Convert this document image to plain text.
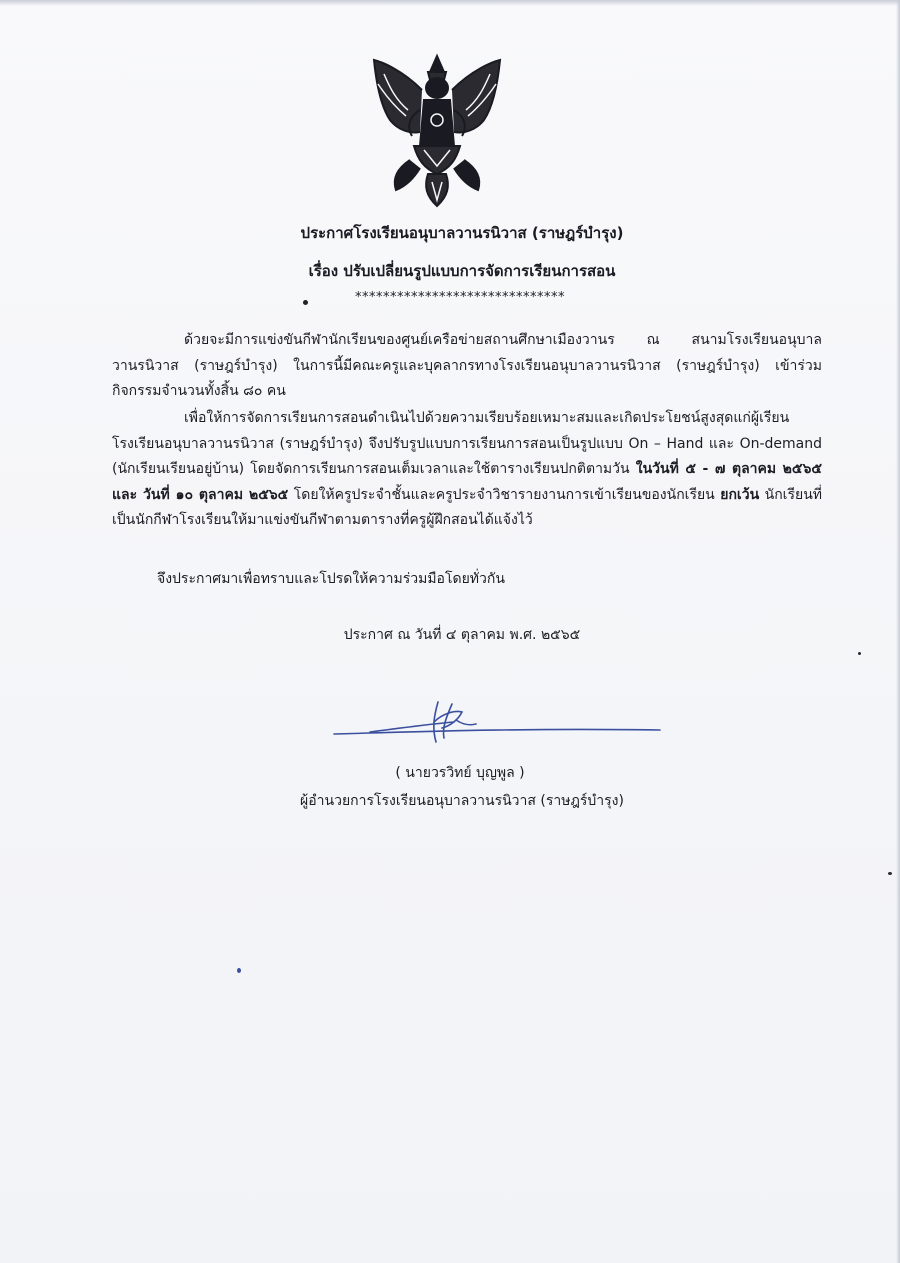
ประกาศโรงเรียนอนุบาลวานรนิวาส (ราษฎร์บำรุง)
เรื่อง ปรับเปลี่ยนรูปแบบการจัดการเรียนการสอน
******************************
ด้วยจะมีการแข่งขันกีฬานักเรียนของศูนย์เครือข่ายสถานศึกษาเมืองวานร ณ สนามโรงเรียนอนุบาลวานรนิวาส (ราษฎร์บำรุง) ในการนี้มีคณะครูและบุคลากรทางโรงเรียนอนุบาลวานรนิวาส (ราษฎร์บำรุง) เข้าร่วมกิจกรรมจำนวนทั้งสิ้น ๘๐ คน
เพื่อให้การจัดการเรียนการสอนดำเนินไปด้วยความเรียบร้อยเหมาะสมและเกิดประโยชน์สูงสุดแก่ผู้เรียน โรงเรียนอนุบาลวานรนิวาส (ราษฎร์บำรุง) จึงปรับรูปแบบการเรียนการสอนเป็นรูปแบบ On – Hand และ On-demand (นักเรียนเรียนอยู่บ้าน) โดยจัดการเรียนการสอนเต็มเวลาและใช้ตารางเรียนปกติตามวัน ในวันที่ ๕ - ๗ ตุลาคม ๒๕๖๕ และ วันที่ ๑๐ ตุลาคม ๒๕๖๕ โดยให้ครูประจำชั้นและครูประจำวิชารายงานการเข้าเรียนของนักเรียน ยกเว้น นักเรียนที่เป็นนักกีฬาโรงเรียนให้มาแข่งขันกีฬาตามตารางที่ครูผู้ฝึกสอนได้แจ้งไว้
จึงประกาศมาเพื่อทราบและโปรดให้ความร่วมมือโดยทั่วกัน
ประกาศ ณ วันที่ ๔ ตุลาคม พ.ศ. ๒๕๖๕
( นายวรวิทย์ บุญพูล )
ผู้อำนวยการโรงเรียนอนุบาลวานรนิวาส (ราษฎร์บำรุง)
